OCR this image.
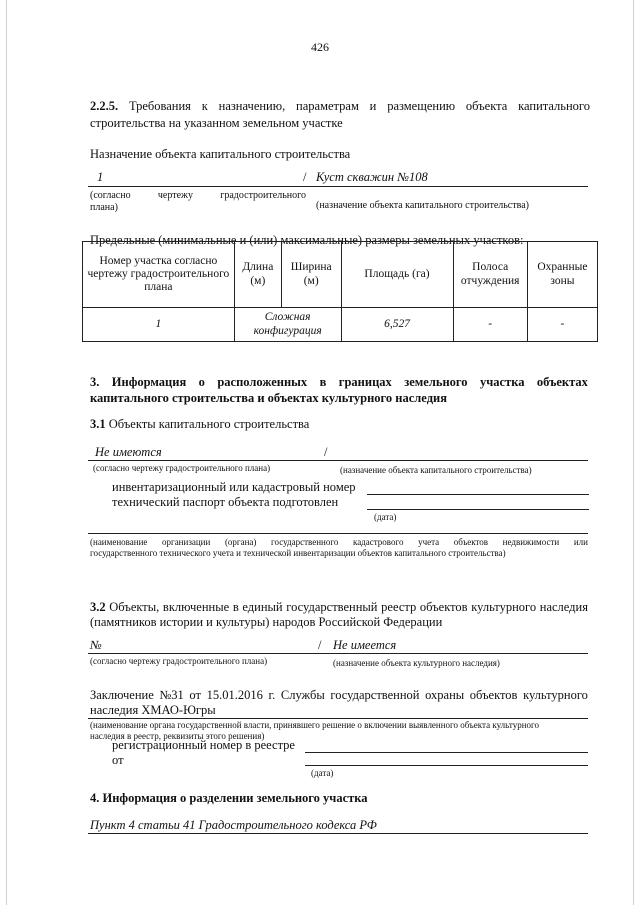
426
2.2.5. Требования к назначению, параметрам и размещению объекта капитального
строительства на указанном земельном участке
Назначение объекта капитального строительства
1	/ Куст скважин №108
(согласно	чертежу	градостроительного
плана)	(назначение объекта капитального строительства)
Предельные (минимальные и (или) максимальные) размеры земельных участков:
Номер участка согласно чертежу градостроительного плана	Длина (м)	Ширина (м)	Площадь (га)	Полоса отчуждения	Охранные зоны
1	Сложная конфигурация		6,527	-	-
3. Информация о расположенных в границах земельного участка объектах
капитального строительства и объектах культурного наследия
3.1 Объекты капитального строительства
Не имеются	/
(согласно чертежу градостроительного плана)	(назначение объекта капитального строительства)
инвентаризационный или кадастровый номер
технический паспорт объекта подготовлен
(дата)
(наименование организации (органа) государственного кадастрового учета объектов недвижимости или
государственного технического учета и технической инвентаризации объектов капитального строительства)
3.2 Объекты, включенные в единый государственный реестр объектов культурного наследия
(памятников истории и культуры) народов Российской Федерации
№	/ Не имеется
(согласно чертежу градостроительного плана)	(назначение объекта культурного наследия)
Заключение №31 от 15.01.2016 г. Службы государственной охраны объектов культурного
наследия ХМАО-Югры
(наименование органа государственной власти, принявшего решение о включении выявленного объекта культурного
наследия в реестр, реквизиты этого решения)
регистрационный номер в реестре
от
(дата)
4. Информация о разделении земельного участка
Пункт 4 статьи 41 Градостроительного кодекса РФ
